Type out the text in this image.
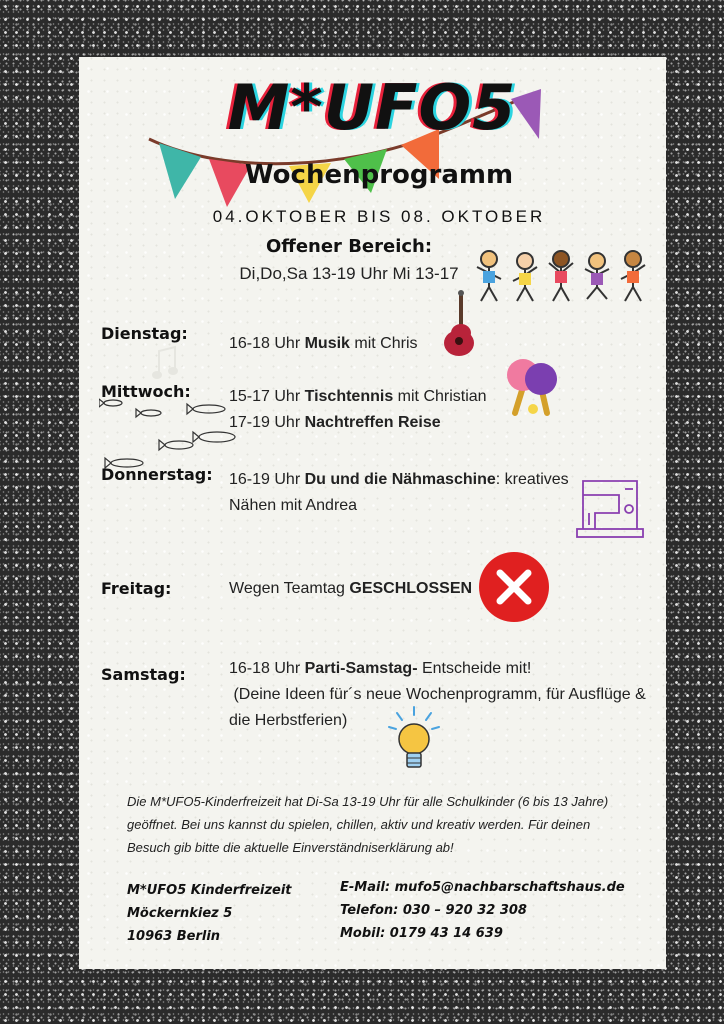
M*UFO5
Wochenprogramm
04.OKTOBER BIS 08. OKTOBER
Offener Bereich:
Di,Do,Sa 13-19 Uhr Mi 13-17
Dienstag:
16-18 Uhr Musik mit Chris
Mittwoch: 15-17 Uhr Tischtennis mit Christian
17-19 Uhr Nachtreffen Reise
Donnerstag: 16-19 Uhr Du und die Nähmaschine: kreatives
Nähen mit Andrea
Freitag:	Wegen Teamtag GESCHLOSSEN
Samstag:	16-18 Uhr Parti-Samstag- Entscheide mit!
(Deine Ideen für´s neue Wochenprogramm, für Ausflüge &
die Herbstferien)
Die M*UFO5-Kinderfreizeit hat Di-Sa 13-19 Uhr für alle Schulkinder (6 bis 13 Jahre)
geöffnet. Bei uns kannst du spielen, chillen, aktiv und kreativ werden. Für deinen
Besuch gib bitte die aktuelle Einverständniserklärung ab!
M*UFO5 Kinderfreizeit
Möckernkiez 5
10963 Berlin
E-Mail: mufo5@nachbarschaftshaus.de
Telefon: 030 – 920 32 308
Mobil: 0179 43 14 639
